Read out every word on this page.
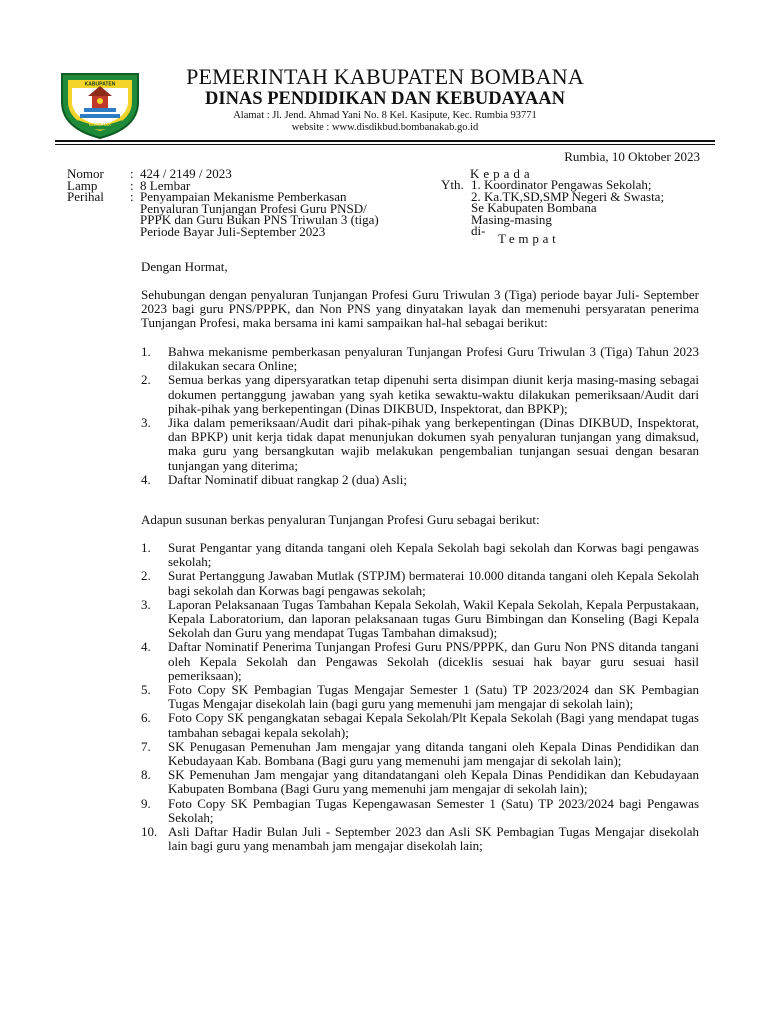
KABUPATEN
BOMBANA
PEMERINTAH KABUPATEN BOMBANA
DINAS PENDIDIKAN DAN KEBUDAYAAN
Alamat : Jl. Jend. Ahmad Yani No. 8 Kel. Kasipute, Kec. Rumbia 93771
website : www.disdikbud.bombanakab.go.id
Rumbia, 10 Oktober 2023
Nomor	: 424 / 2149 / 2023
Lamp	: 8 Lembar
Perihal	: Penyampaian Mekanisme Pemberkasan
Penyaluran Tunjangan Profesi Guru PNSD/
PPPK dan Guru Bukan PNS Triwulan 3 (tiga)
Periode Bayar Juli-September 2023
Kepada
Yth. 1. Koordinator Pengawas Sekolah;
2. Ka.TK,SD,SMP Negeri & Swasta;
Se Kabupaten Bombana
Masing-masing
di-
Tempat
Dengan Hormat,
Sehubungan dengan penyaluran Tunjangan Profesi Guru Triwulan 3 (Tiga) periode bayar Juli- September 2023 bagi guru PNS/PPPK, dan Non PNS yang dinyatakan layak dan memenuhi persyaratan penerima Tunjangan Profesi, maka bersama ini kami sampaikan hal-hal sebagai berikut:
1. Bahwa mekanisme pemberkasan penyaluran Tunjangan Profesi Guru Triwulan 3 (Tiga) Tahun 2023 dilakukan secara Online;
2. Semua berkas yang dipersyaratkan tetap dipenuhi serta disimpan diunit kerja masing-masing sebagai dokumen pertanggung jawaban yang syah ketika sewaktu-waktu dilakukan pemeriksaan/Audit dari pihak-pihak yang berkepentingan (Dinas DIKBUD, Inspektorat, dan BPKP);
3. Jika dalam pemeriksaan/Audit dari pihak-pihak yang berkepentingan (Dinas DIKBUD, Inspektorat, dan BPKP) unit kerja tidak dapat menunjukan dokumen syah penyaluran tunjangan yang dimaksud, maka guru yang bersangkutan wajib melakukan pengembalian tunjangan sesuai dengan besaran tunjangan yang diterima;
4. Daftar Nominatif dibuat rangkap 2 (dua) Asli;
Adapun susunan berkas penyaluran Tunjangan Profesi Guru sebagai berikut:
1. Surat Pengantar yang ditanda tangani oleh Kepala Sekolah bagi sekolah dan Korwas bagi pengawas sekolah;
2. Surat Pertanggung Jawaban Mutlak (STPJM) bermaterai 10.000 ditanda tangani oleh Kepala Sekolah bagi sekolah dan Korwas bagi pengawas sekolah;
3. Laporan Pelaksanaan Tugas Tambahan Kepala Sekolah, Wakil Kepala Sekolah, Kepala Perpustakaan, Kepala Laboratorium, dan laporan pelaksanaan tugas Guru Bimbingan dan Konseling (Bagi Kepala Sekolah dan Guru yang mendapat Tugas Tambahan dimaksud);
4. Daftar Nominatif Penerima Tunjangan Profesi Guru PNS/PPPK, dan Guru Non PNS ditanda tangani oleh Kepala Sekolah dan Pengawas Sekolah (diceklis sesuai hak bayar guru sesuai hasil pemeriksaan);
5. Foto Copy SK Pembagian Tugas Mengajar Semester 1 (Satu) TP 2023/2024 dan SK Pembagian Tugas Mengajar disekolah lain (bagi guru yang memenuhi jam mengajar di sekolah lain);
6. Foto Copy SK pengangkatan sebagai Kepala Sekolah/Plt Kepala Sekolah (Bagi yang mendapat tugas tambahan sebagai kepala sekolah);
7. SK Penugasan Pemenuhan Jam mengajar yang ditanda tangani oleh Kepala Dinas Pendidikan dan Kebudayaan Kab. Bombana (Bagi guru yang memenuhi jam mengajar di sekolah lain);
8. SK Pemenuhan Jam mengajar yang ditandatangani oleh Kepala Dinas Pendidikan dan Kebudayaan Kabupaten Bombana (Bagi Guru yang memenuhi jam mengajar di sekolah lain);
9. Foto Copy SK Pembagian Tugas Kepengawasan Semester 1 (Satu) TP 2023/2024 bagi Pengawas Sekolah;
10. Asli Daftar Hadir Bulan Juli - September 2023 dan Asli SK Pembagian Tugas Mengajar disekolah lain bagi guru yang menambah jam mengajar disekolah lain;
